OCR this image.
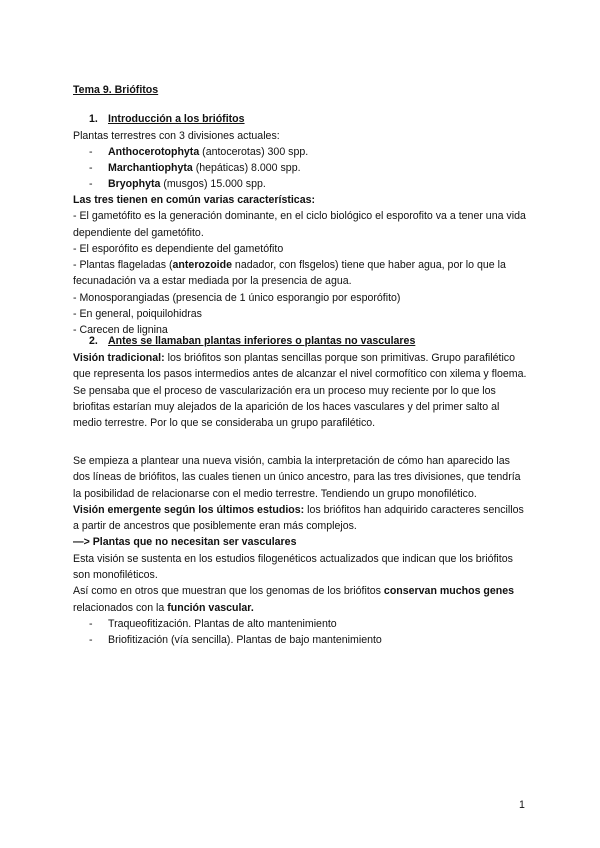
Tema 9. Briófitos
1. Introducción a los briófitos
Plantas terrestres con 3 divisiones actuales:
- Anthocerotophyta (antocerotas) 300 spp.
- Marchantiophyta (hepáticas) 8.000 spp.
- Bryophyta (musgos) 15.000 spp.

Las tres tienen en común varias características:

- El gametófito es la generación dominante, en el ciclo biológico el esporofito va a tener una vida dependiente del gametófito.

- El esporófito es dependiente del gametófito

- Plantas flageladas (anterozoide nadador, con flsgelos) tiene que haber agua, por lo que la fecunadación va a estar mediada por la presencia de agua.

- Monosporangiadas (presencia de 1 único esporangio por esporófito)

- En general, poiquilohidras

- Carecen de lignina

2. Antes se llamaban plantas inferiores o plantas no vasculares

Visión tradicional: los briófitos son plantas sencillas porque son primitivas. Grupo parafilético que representa los pasos intermedios antes de alcanzar el nivel cormofítico con xilema y floema.

Se pensaba que el proceso de vascularización era un proceso muy reciente por lo que los briofitas estarían muy alejados de la aparición de los haces vasculares y del primer salto al medio terrestre. Por lo que se consideraba un grupo parafilético.

Se empieza a plantear una nueva visión, cambia la interpretación de cómo han aparecido las dos líneas de briófitos, las cuales tienen un único ancestro, para las tres divisiones, que tendría la posibilidad de relacionarse con el medio terrestre. Tendiendo un grupo monofilético.

Visión emergente según los últimos estudios: los briófitos han adquirido caracteres sencillos a partir de ancestros que posiblemente eran más complejos.

—> Plantas que no necesitan ser vasculares

Esta visión se sustenta en los estudios filogenéticos actualizados que indican que los briófitos son monofiléticos.

Así como en otros que muestran que los genomas de los briófitos conservan muchos genes relacionados con la función vascular.

- Traqueofitización. Plantas de alto mantenimiento
- Briofitización (vía sencilla). Plantas de bajo mantenimiento
1
